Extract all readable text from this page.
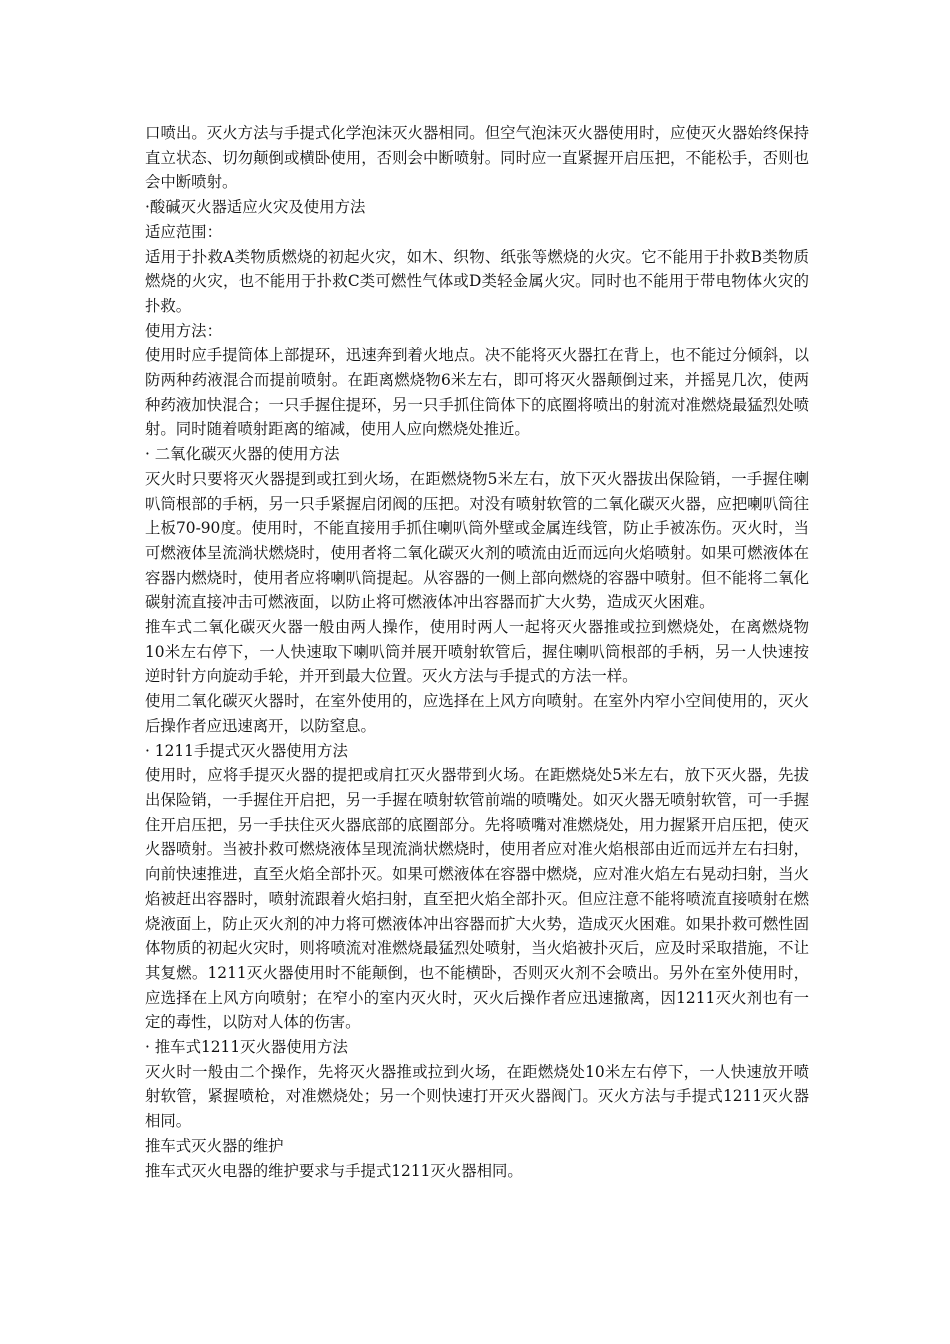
口喷出。灭火方法与手提式化学泡沫灭火器相同。但空气泡沫灭火器使用时，应使灭火器始终保持直立状态、切勿颠倒或横卧使用，否则会中断喷射。同时应一直紧握开启压把，不能松手，否则也会中断喷射。

·酸碱灭火器适应火灾及使用方法

适应范围：

适用于扑救A类物质燃烧的初起火灾，如木、织物、纸张等燃烧的火灾。它不能用于扑救B类物质燃烧的火灾，也不能用于扑救C类可燃性气体或D类轻金属火灾。同时也不能用于带电物体火灾的扑救。

使用方法：

使用时应手提筒体上部提环，迅速奔到着火地点。决不能将灭火器扛在背上，也不能过分倾斜，以防两种药液混合而提前喷射。在距离燃烧物6米左右，即可将灭火器颠倒过来，并摇晃几次，使两种药液加快混合；一只手握住提环，另一只手抓住筒体下的底圈将喷出的射流对准燃烧最猛烈处喷射。同时随着喷射距离的缩减，使用人应向燃烧处推近。

· 二氧化碳灭火器的使用方法

灭火时只要将灭火器提到或扛到火场，在距燃烧物5米左右，放下灭火器拔出保险销，一手握住喇叭筒根部的手柄，另一只手紧握启闭阀的压把。对没有喷射软管的二氧化碳灭火器，应把喇叭筒往上板70-90度。使用时，不能直接用手抓住喇叭筒外壁或金属连线管，防止手被冻伤。灭火时，当可燃液体呈流淌状燃烧时，使用者将二氧化碳灭火剂的喷流由近而远向火焰喷射。如果可燃液体在容器内燃烧时，使用者应将喇叭筒提起。从容器的一侧上部向燃烧的容器中喷射。但不能将二氧化碳射流直接冲击可燃液面，以防止将可燃液体冲出容器而扩大火势，造成灭火困难。

推车式二氧化碳灭火器一般由两人操作，使用时两人一起将灭火器推或拉到燃烧处，在离燃烧物10米左右停下，一人快速取下喇叭筒并展开喷射软管后，握住喇叭筒根部的手柄，另一人快速按逆时针方向旋动手轮，并开到最大位置。灭火方法与手提式的方法一样。

使用二氧化碳灭火器时，在室外使用的，应选择在上风方向喷射。在室外内窄小空间使用的，灭火后操作者应迅速离开，以防窒息。

· 1211手提式灭火器使用方法

使用时，应将手提灭火器的提把或肩扛灭火器带到火场。在距燃烧处5米左右，放下灭火器，先拔出保险销，一手握住开启把，另一手握在喷射软管前端的喷嘴处。如灭火器无喷射软管，可一手握住开启压把，另一手扶住灭火器底部的底圈部分。先将喷嘴对准燃烧处，用力握紧开启压把，使灭火器喷射。当被扑救可燃烧液体呈现流淌状燃烧时，使用者应对准火焰根部由近而远并左右扫射，向前快速推进，直至火焰全部扑灭。如果可燃液体在容器中燃烧，应对准火焰左右晃动扫射，当火焰被赶出容器时，喷射流跟着火焰扫射，直至把火焰全部扑灭。但应注意不能将喷流直接喷射在燃烧液面上，防止灭火剂的冲力将可燃液体冲出容器而扩大火势，造成灭火困难。如果扑救可燃性固体物质的初起火灾时，则将喷流对准燃烧最猛烈处喷射，当火焰被扑灭后，应及时采取措施，不让其复燃。1211灭火器使用时不能颠倒，也不能横卧，否则灭火剂不会喷出。另外在室外使用时，应选择在上风方向喷射；在窄小的室内灭火时，灭火后操作者应迅速撤离，因1211灭火剂也有一定的毒性，以防对人体的伤害。

· 推车式1211灭火器使用方法

灭火时一般由二个操作，先将灭火器推或拉到火场，在距燃烧处10米左右停下，一人快速放开喷射软管，紧握喷枪，对准燃烧处；另一个则快速打开灭火器阀门。灭火方法与手提式1211灭火器相同。

推车式灭火器的维护

推车式灭火电器的维护要求与手提式1211灭火器相同。
